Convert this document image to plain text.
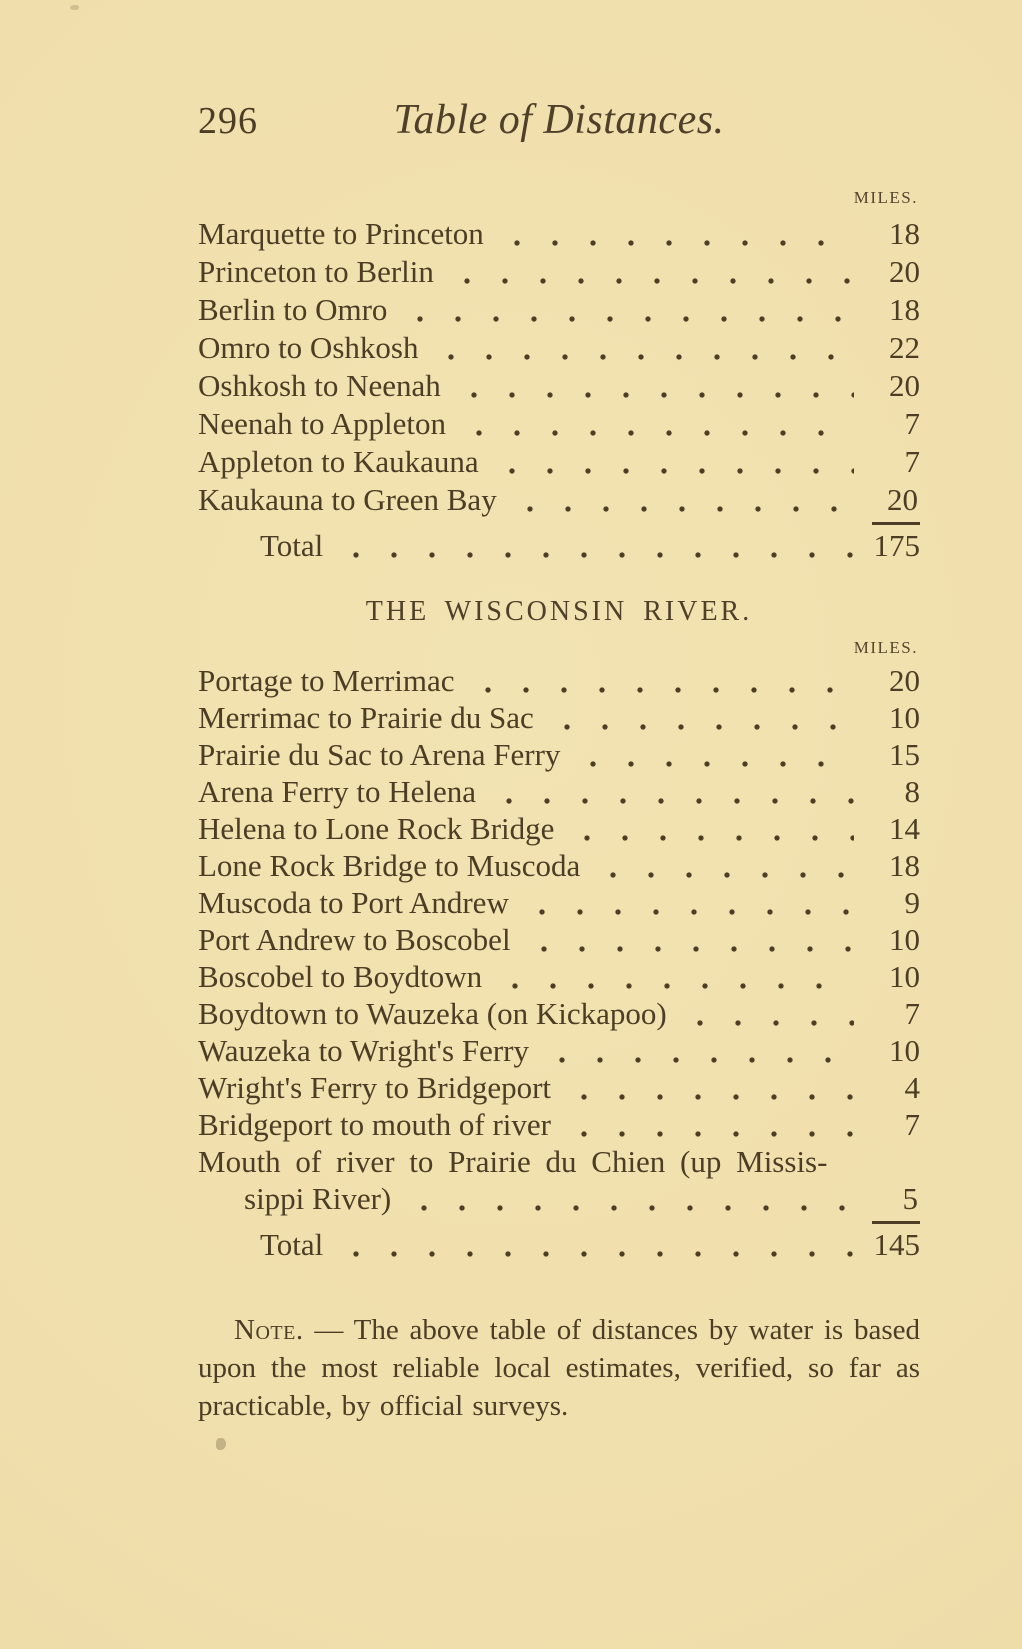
296	Table of Distances.
MILES.
Marquette to Princeton	18
Princeton to Berlin	20
Berlin to Omro	18
Omro to Oshkosh	22
Oshkosh to Neenah	20
Neenah to Appleton	7
Appleton to Kaukauna	7
Kaukauna to Green Bay	20
Total	175
THE WISCONSIN RIVER.
MILES.
Portage to Merrimac	20
Merrimac to Prairie du Sac	10
Prairie du Sac to Arena Ferry	15
Arena Ferry to Helena	8
Helena to Lone Rock Bridge	14
Lone Rock Bridge to Muscoda	18
Muscoda to Port Andrew	9
Port Andrew to Boscobel	10
Boscobel to Boydtown	10
Boydtown to Wauzeka (on Kickapoo)	7
Wauzeka to Wright's Ferry	10
Wright's Ferry to Bridgeport	4
Bridgeport to mouth of river	7
Mouth of river to Prairie du Chien (up Missis-
sippi River)	5
Total	145

Note. — The above table of distances by water is based
upon the most reliable local estimates, verified, so far as
practicable, by official surveys.
